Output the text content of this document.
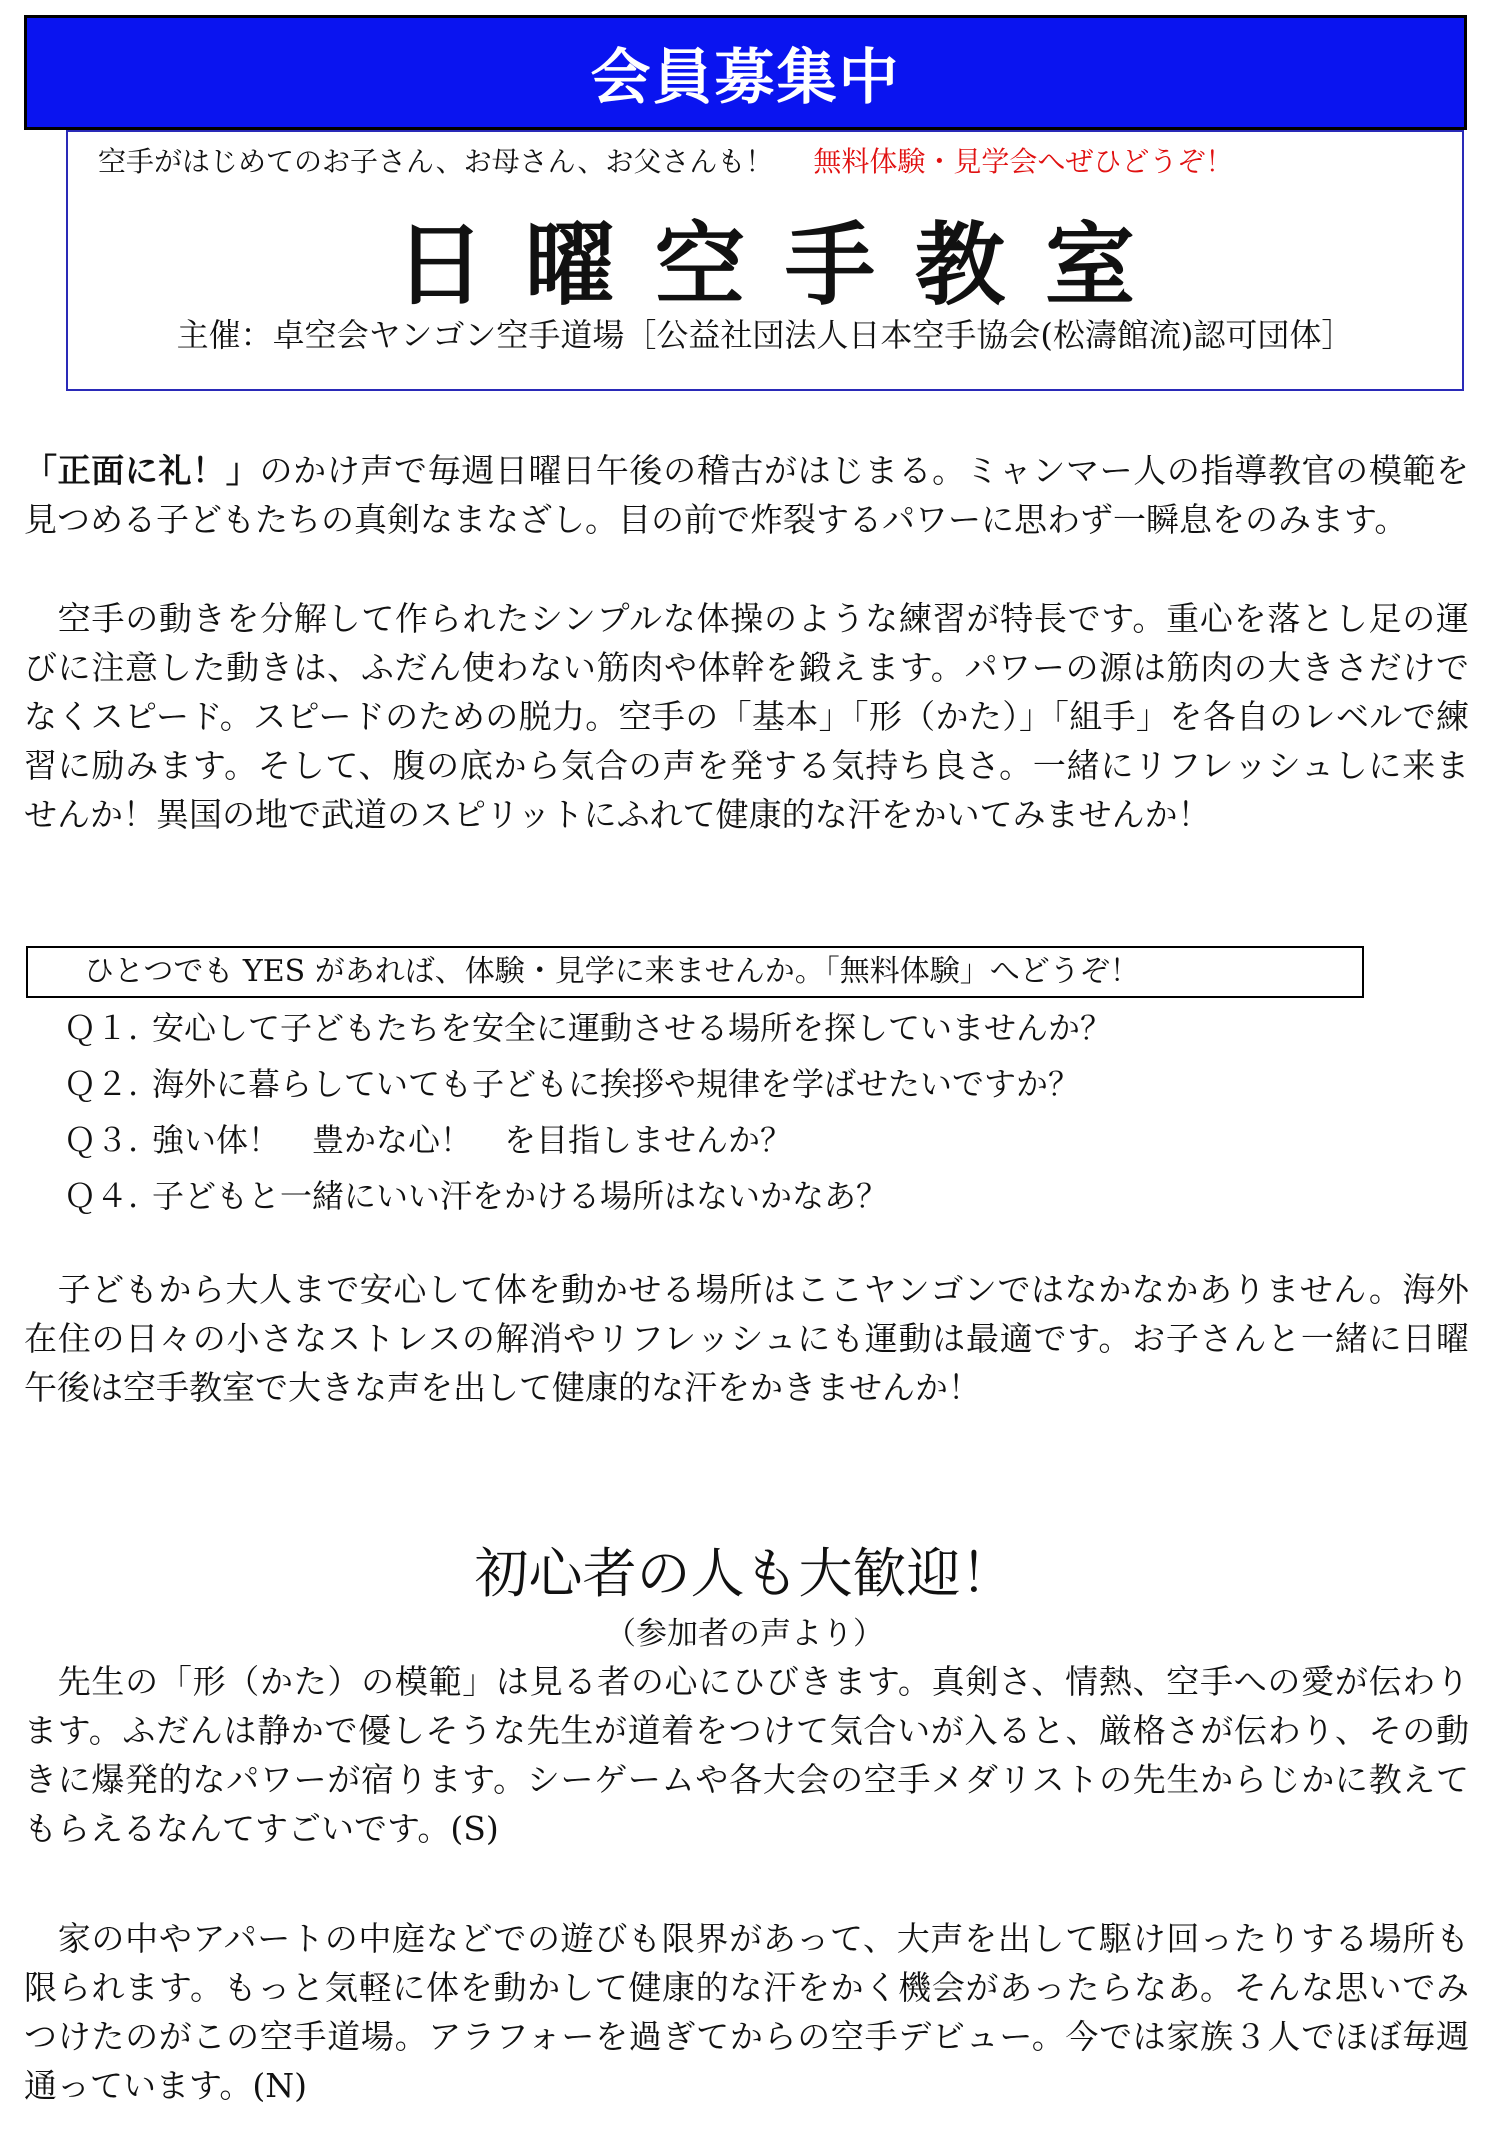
会員募集中
空手がはじめてのお子さん、お母さん、お父さんも！ 無料体験・見学会へぜひどうぞ！
日曜空手教室
主催：卓空会ヤンゴン空手道場［公益社団法人日本空手協会(松濤館流)認可団体］

「正面に礼！」のかけ声で毎週日曜日午後の稽古がはじまる。ミャンマー人の指導教官の模範を見つめる子どもたちの真剣なまなざし。目の前で炸裂するパワーに思わず一瞬息をのみます。

　空手の動きを分解して作られたシンプルな体操のような練習が特長です。重心を落とし足の運びに注意した動きは、ふだん使わない筋肉や体幹を鍛えます。パワーの源は筋肉の大きさだけでなくスピード。スピードのための脱力。空手の「基本」「形（かた）」「組手」を各自のレベルで練習に励みます。そして、腹の底から気合の声を発する気持ち良さ。一緒にリフレッシュしに来ませんか！異国の地で武道のスピリットにふれて健康的な汗をかいてみませんか！

ひとつでも YES があれば、体験・見学に来ませんか。「無料体験」へどうぞ！
Ｑ１. 安心して子どもたちを安全に運動させる場所を探していませんか？
Ｑ２. 海外に暮らしていても子どもに挨拶や規律を学ばせたいですか？
Ｑ３. 強い体！　豊かな心！　を目指しませんか？
Ｑ４. 子どもと一緒にいい汗をかける場所はないかなあ？

　子どもから大人まで安心して体を動かせる場所はここヤンゴンではなかなかありません。海外在住の日々の小さなストレスの解消やリフレッシュにも運動は最適です。お子さんと一緒に日曜午後は空手教室で大きな声を出して健康的な汗をかきませんか！

初心者の人も大歓迎！
（参加者の声より）

　先生の「形（かた）の模範」は見る者の心にひびきます。真剣さ、情熱、空手への愛が伝わります。ふだんは静かで優しそうな先生が道着をつけて気合いが入ると、厳格さが伝わり、その動きに爆発的なパワーが宿ります。シーゲームや各大会の空手メダリストの先生からじかに教えてもらえるなんてすごいです。(S)

　家の中やアパートの中庭などでの遊びも限界があって、大声を出して駆け回ったりする場所も限られます。もっと気軽に体を動かして健康的な汗をかく機会があったらなあ。そんな思いでみつけたのがこの空手道場。アラフォーを過ぎてからの空手デビュー。今では家族３人でほぼ毎週通っています。(N)
